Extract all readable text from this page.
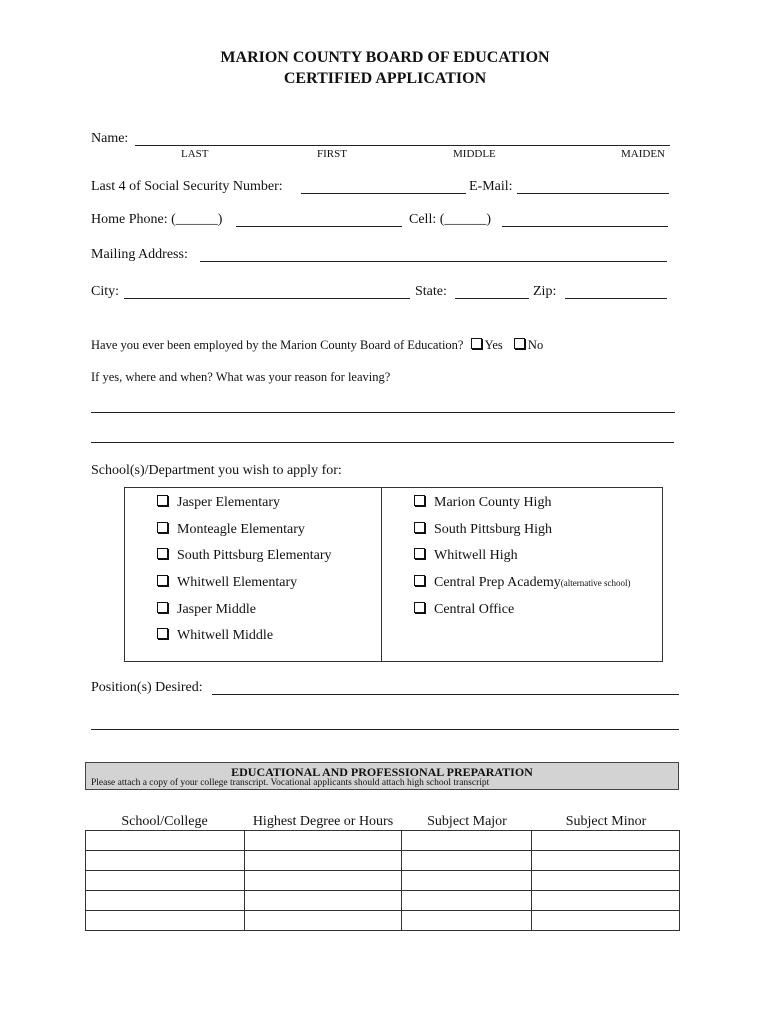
MARION COUNTY BOARD OF EDUCATION
CERTIFIED APPLICATION
Name:
LAST	FIRST	MIDDLE	MAIDEN
Last 4 of Social Security Number:	E-Mail:
Home Phone: (______)	Cell: (______)
Mailing Address:
City:	State:	Zip:
Have you ever been employed by the Marion County Board of Education? Yes No
If yes, where and when? What was your reason for leaving?
School(s)/Department you wish to apply for:
Jasper Elementary
Monteagle Elementary
South Pittsburg Elementary
Whitwell Elementary
Jasper Middle
Whitwell Middle
Marion County High
South Pittsburg High
Whitwell High
Central Prep Academy(alternative school)
Central Office
Position(s) Desired:
EDUCATIONAL AND PROFESSIONAL PREPARATION
Please attach a copy of your college transcript. Vocational applicants should attach high school transcript
School/College	Highest Degree or Hours	Subject Major	Subject Minor
